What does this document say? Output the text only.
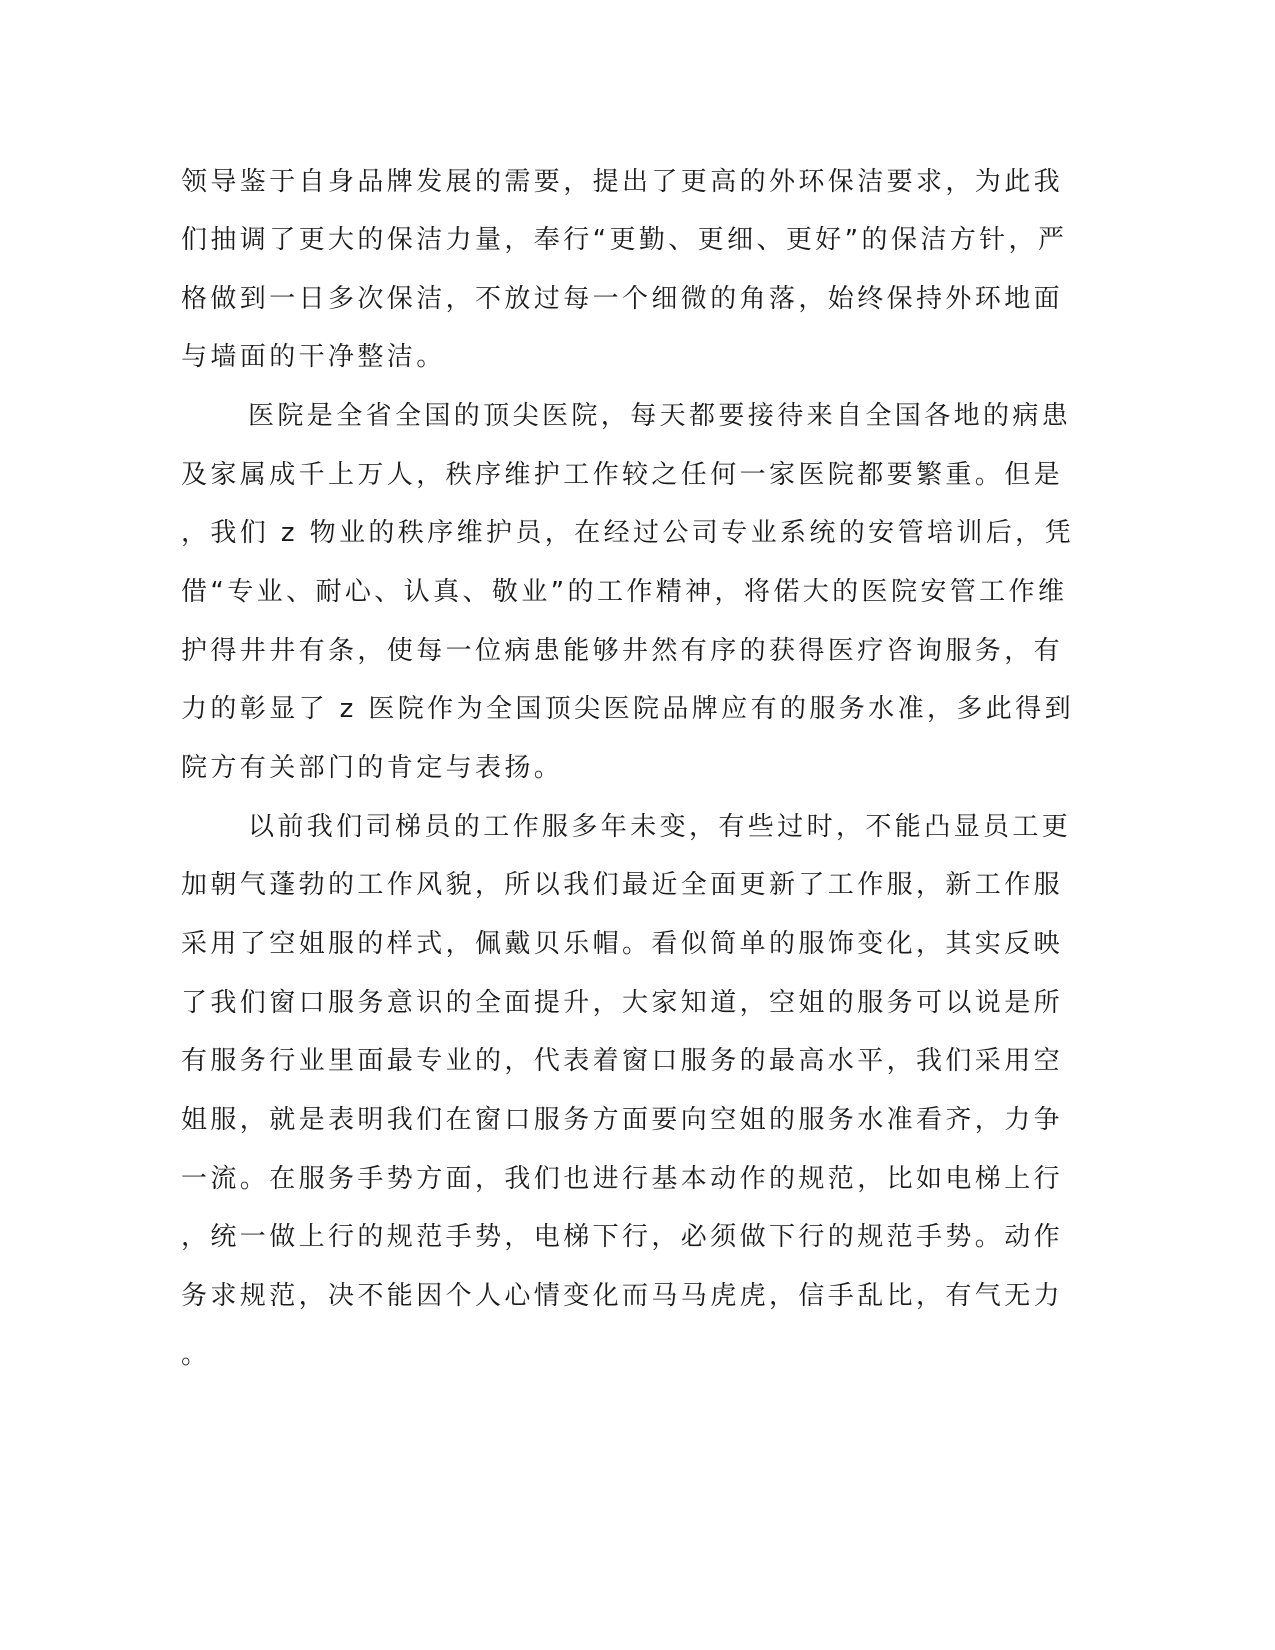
领导鉴于自身品牌发展的需要，提出了更高的外环保洁要求，为此我
们抽调了更大的保洁力量，奉行“更勤、更细、更好”的保洁方针，严
格做到一日多次保洁，不放过每一个细微的角落，始终保持外环地面
与墙面的干净整洁。
医院是全省全国的顶尖医院，每天都要接待来自全国各地的病患
及家属成千上万人，秩序维护工作较之任何一家医院都要繁重。但是
，我们 z 物业的秩序维护员，在经过公司专业系统的安管培训后，凭
借“专业、耐心、认真、敬业”的工作精神，将偌大的医院安管工作维
护得井井有条，使每一位病患能够井然有序的获得医疗咨询服务，有
力的彰显了 z 医院作为全国顶尖医院品牌应有的服务水准，多此得到
院方有关部门的肯定与表扬。
以前我们司梯员的工作服多年未变，有些过时，不能凸显员工更
加朝气蓬勃的工作风貌，所以我们最近全面更新了工作服，新工作服
采用了空姐服的样式，佩戴贝乐帽。看似简单的服饰变化，其实反映
了我们窗口服务意识的全面提升，大家知道，空姐的服务可以说是所
有服务行业里面最专业的，代表着窗口服务的最高水平，我们采用空
姐服，就是表明我们在窗口服务方面要向空姐的服务水准看齐，力争
一流。在服务手势方面，我们也进行基本动作的规范，比如电梯上行
，统一做上行的规范手势，电梯下行，必须做下行的规范手势。动作
务求规范，决不能因个人心情变化而马马虎虎，信手乱比，有气无力
。
